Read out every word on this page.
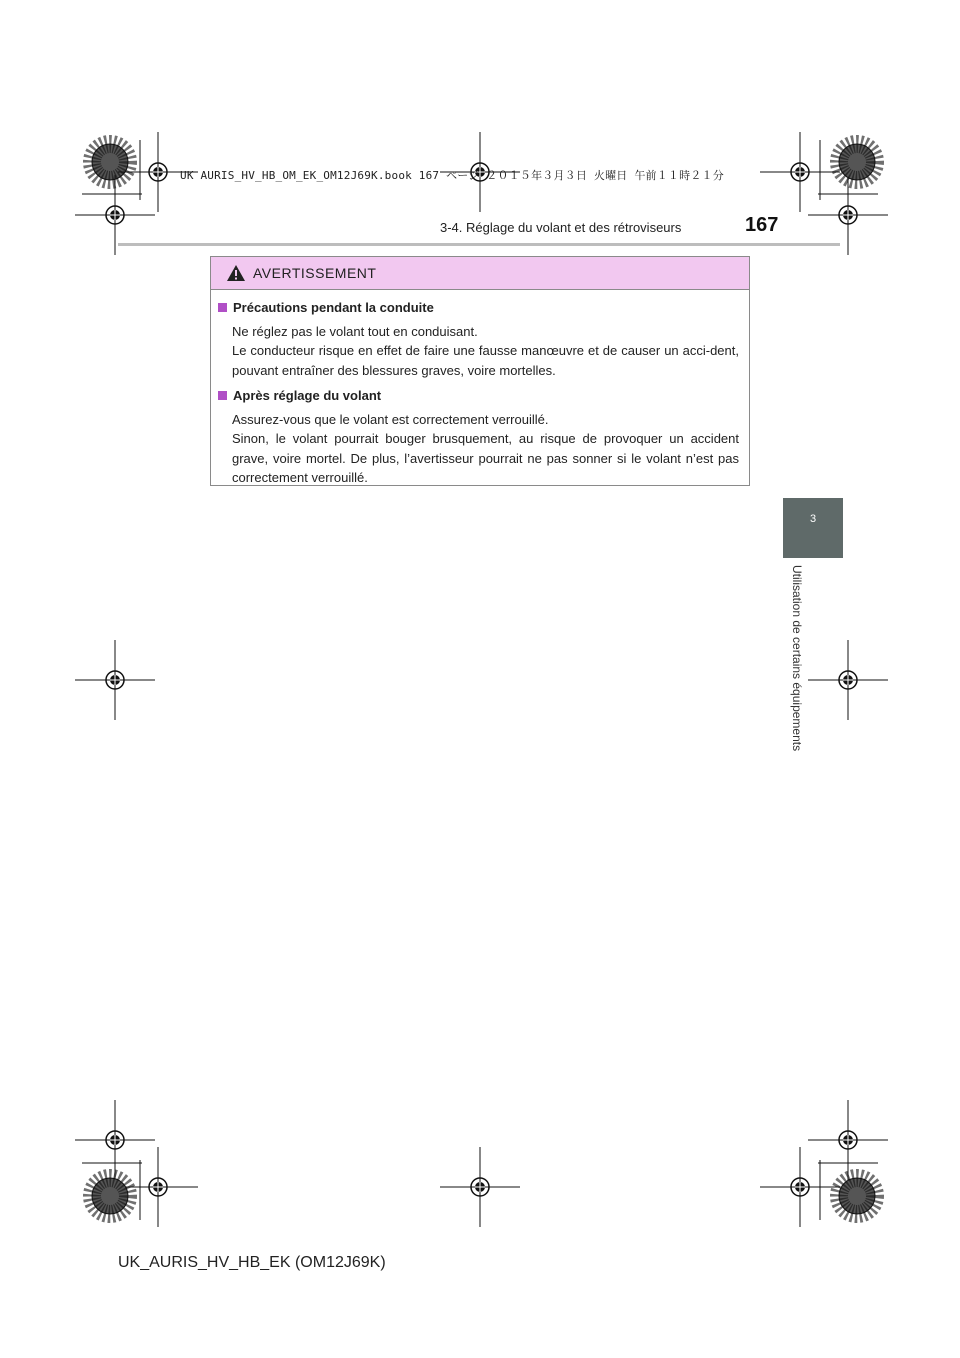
UK AURIS_HV_HB_OM_EK_OM12J69K.book 167 ページ ２０１５年３月３日 火曜日 午前１１時２１分
3-4. Réglage du volant et des rétroviseurs	167
3
Utilisation de certains équipements
AVERTISSEMENT
Précautions pendant la conduite
Ne réglez pas le volant tout en conduisant.
Le conducteur risque en effet de faire une fausse manœuvre et de causer un acci-dent, pouvant entraîner des blessures graves, voire mortelles.
Après réglage du volant
Assurez-vous que le volant est correctement verrouillé.
Sinon, le volant pourrait bouger brusquement, au risque de provoquer un accident grave, voire mortel. De plus, l’avertisseur pourrait ne pas sonner si le volant n’est pas correctement verrouillé.
UK_AURIS_HV_HB_EK (OM12J69K)
